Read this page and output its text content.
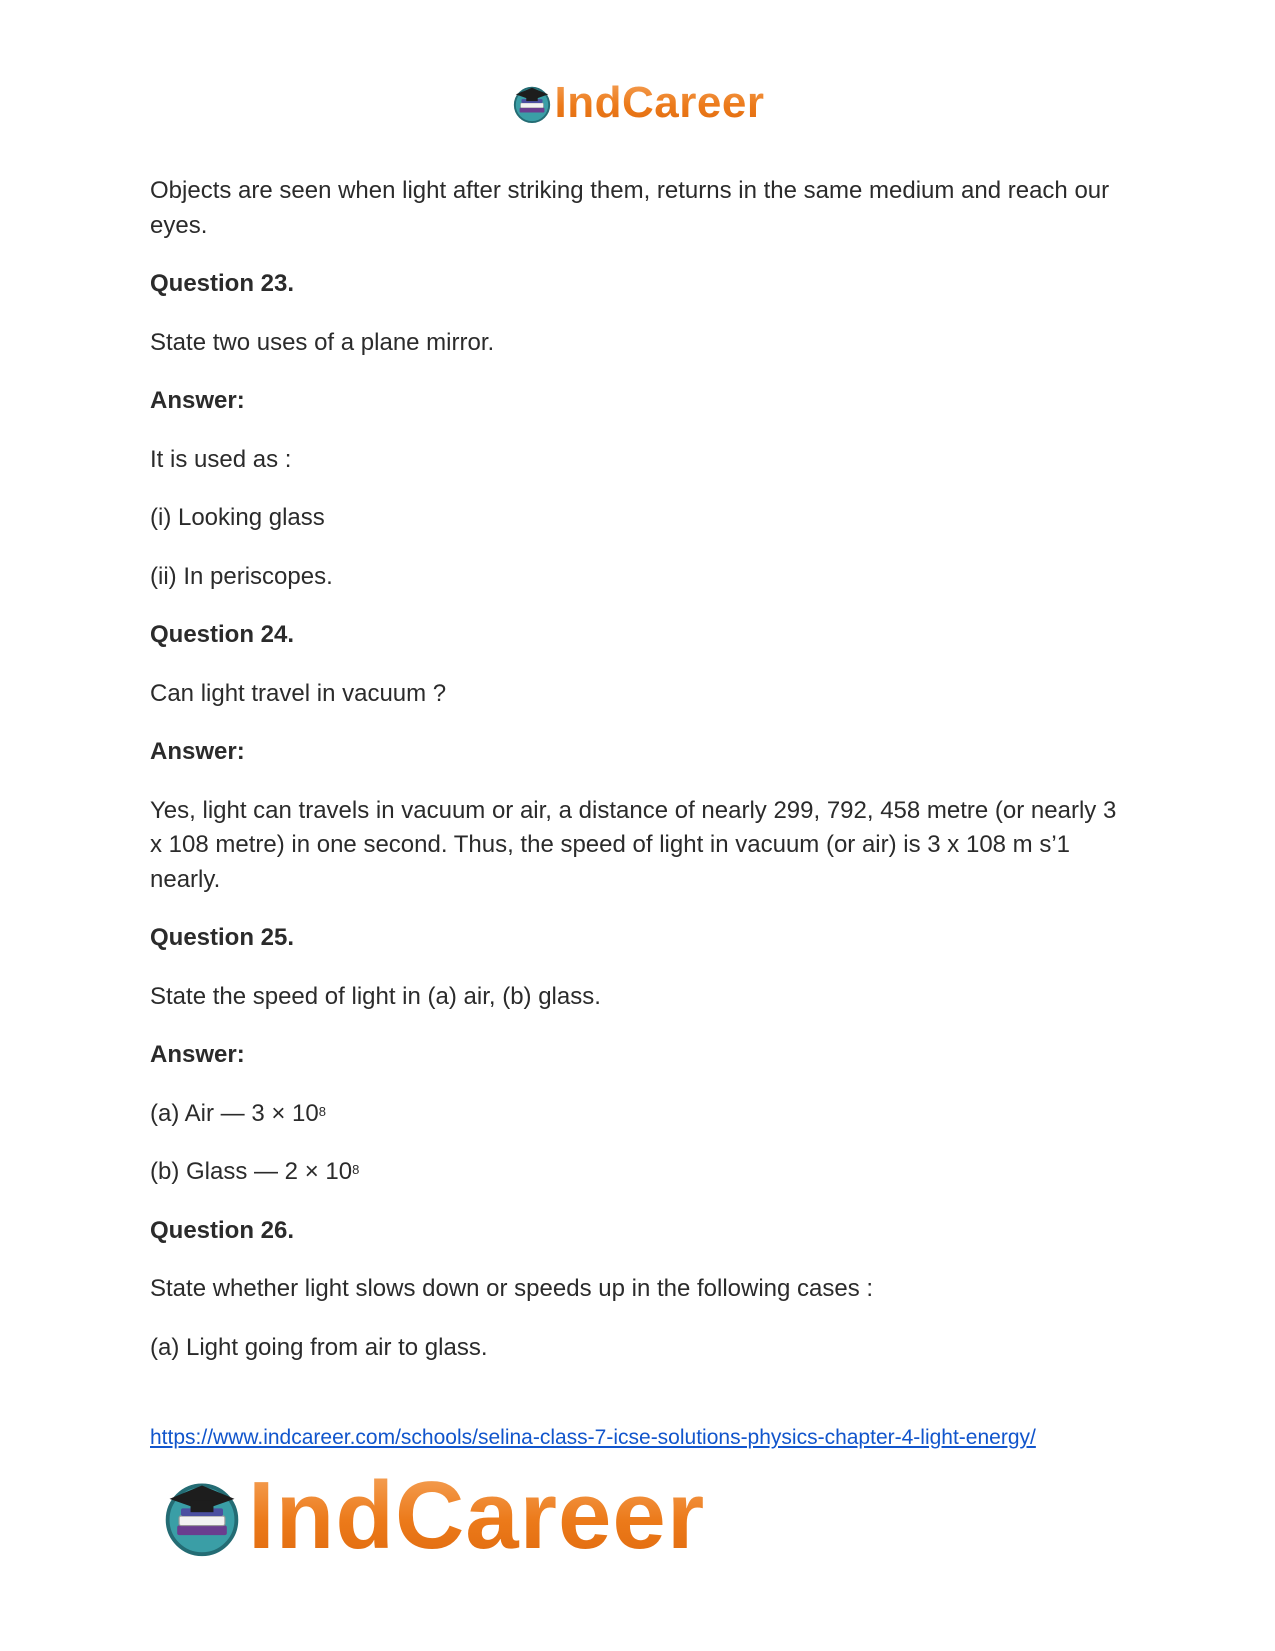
IndCareer

Objects are seen when light after striking them, returns in the same medium and reach our eyes.

Question 23.

State two uses of a plane mirror.

Answer:

It is used as :

(i) Looking glass

(ii) In periscopes.

Question 24.

Can light travel in vacuum ?

Answer:

Yes, light can travels in vacuum or air, a distance of nearly 299, 792, 458 metre (or nearly 3 x 108 metre) in one second. Thus, the speed of light in vacuum (or air) is 3 x 108 m s’1 nearly.

Question 25.

State the speed of light in (a) air, (b) glass.

Answer:

(a) Air — $3 \times 10^8$

(b) Glass — $2 \times 10^8$

Question 26.

State whether light slows down or speeds up in the following cases :

(a) Light going from air to glass.

https://www.indcareer.com/schools/selina-class-7-icse-solutions-physics-chapter-4-light-energy/
IndCareer
